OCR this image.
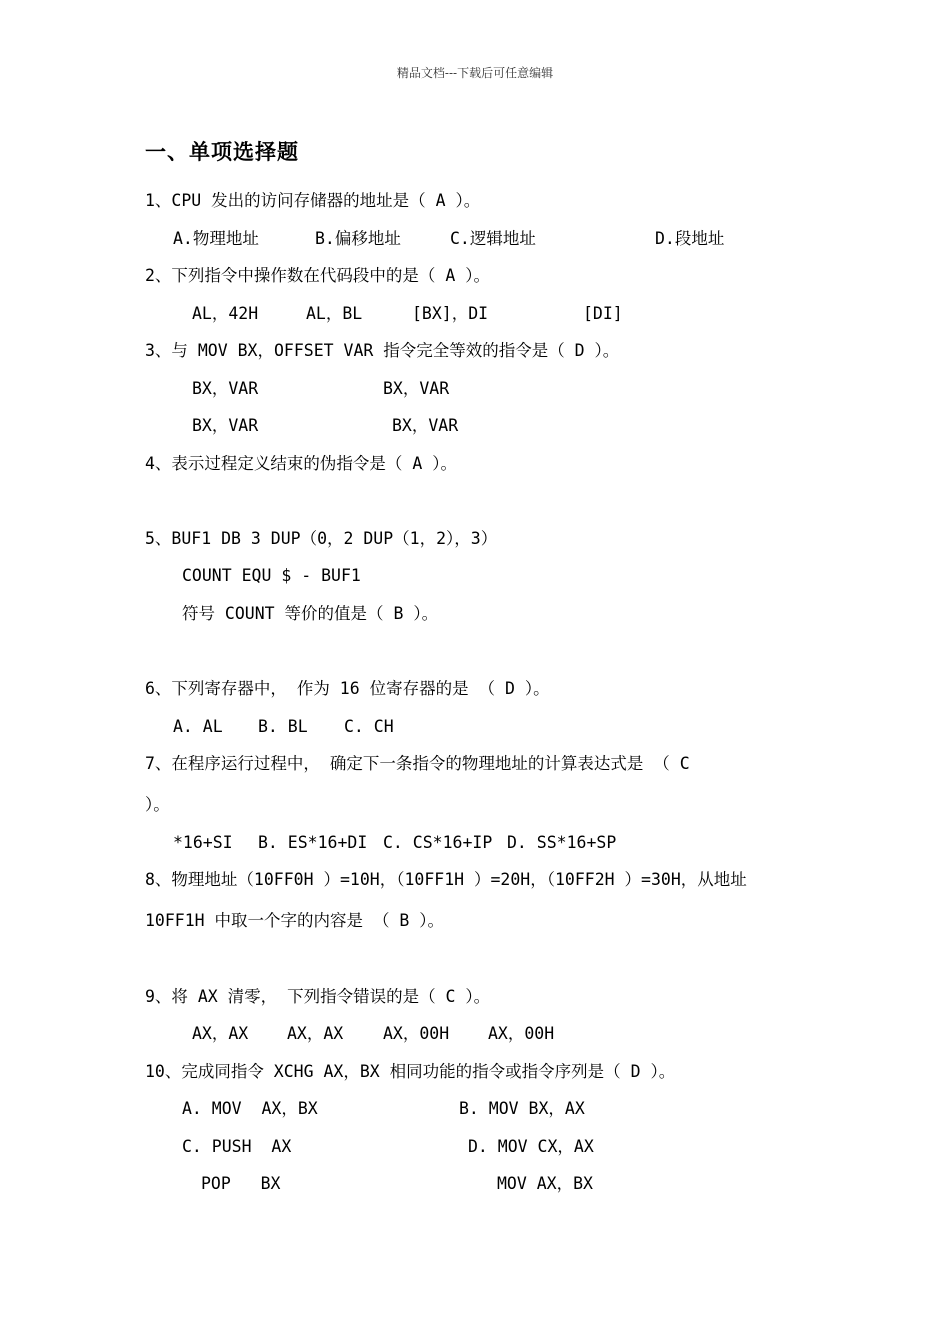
精品文档---下载后可任意编辑
一、单项选择题
1、CPU 发出的访问存储器的地址是（ A ）。
A.物理地址	B.偏移地址	C.逻辑地址	D.段地址
2、下列指令中操作数在代码段中的是（ A ）。
AL，42H	AL，BL	[BX]，DI	[DI]
3、与 MOV BX，OFFSET VAR 指令完全等效的指令是（ D ）。
BX，VAR	BX，VAR
BX，VAR	BX，VAR
4、表示过程定义结束的伪指令是（ A ）。
5、BUF1 DB 3 DUP（0，2 DUP（1，2），3）
COUNT EQU $ - BUF1
符号 COUNT 等价的值是（ B ）。
6、下列寄存器中， 作为 16 位寄存器的是 （ D ）。
A. AL B. BL C. CH
7、在程序运行过程中， 确定下一条指令的物理地址的计算表达式是 （ C
）。
*16+SI B. ES*16+DI C. CS*16+IP D. SS*16+SP
8、物理地址（10FF0H ）=10H，（10FF1H ）=20H，（10FF2H ）=30H，从地址
10FF1H 中取一个字的内容是 （ B ）。
9、将 AX 清零， 下列指令错误的是（ C ）。
AX，AX AX，AX AX，00H AX，00H
10、完成同指令 XCHG AX，BX 相同功能的指令或指令序列是（ D ）。
A. MOV  AX，BX	B. MOV BX，AX
C. PUSH  AX	D. MOV CX，AX
POP   BX	MOV AX，BX
